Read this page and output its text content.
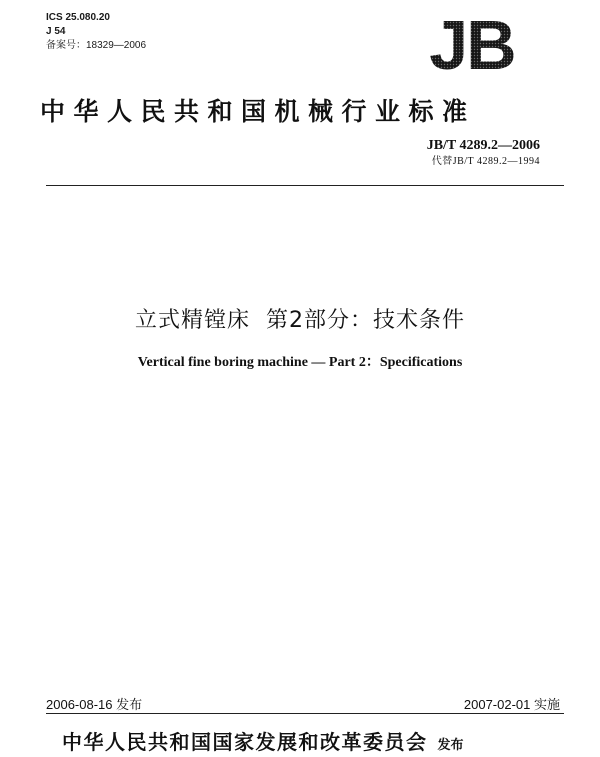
ICS 25.080.20
J 54
备案号：18329—2006	JB
中华人民共和国机械行业标准
JB/T 4289.2—2006
代替JB/T 4289.2—1994
立式精镗床  第2部分：技术条件
Vertical fine boring machine — Part 2：Specifications
2006-08-16 发布	2007-02-01 实施
中华人民共和国国家发展和改革委员会 发布
